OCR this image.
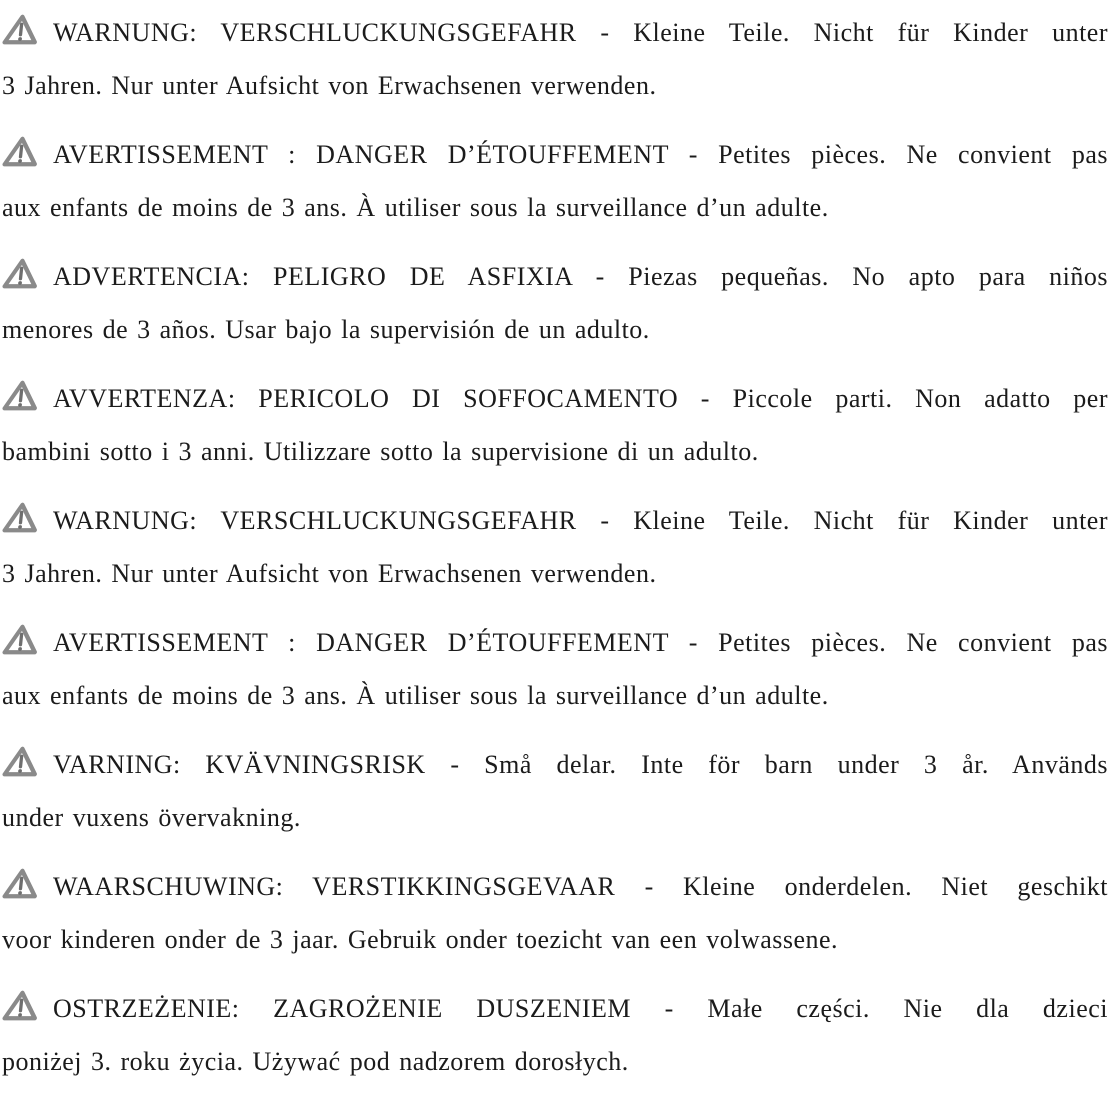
WARNUNG: VERSCHLUCKUNGSGEFAHR - Kleine Teile. Nicht für Kinder unter
3 Jahren. Nur unter Aufsicht von Erwachsenen verwenden.
AVERTISSEMENT : DANGER D’ÉTOUFFEMENT - Petites pièces. Ne convient pas
aux enfants de moins de 3 ans. À utiliser sous la surveillance d’un adulte.
ADVERTENCIA: PELIGRO DE ASFIXIA - Piezas pequeñas. No apto para niños
menores de 3 años. Usar bajo la supervisión de un adulto.
AVVERTENZA: PERICOLO DI SOFFOCAMENTO - Piccole parti. Non adatto per
bambini sotto i 3 anni. Utilizzare sotto la supervisione di un adulto.
WARNUNG: VERSCHLUCKUNGSGEFAHR - Kleine Teile. Nicht für Kinder unter
3 Jahren. Nur unter Aufsicht von Erwachsenen verwenden.
AVERTISSEMENT : DANGER D’ÉTOUFFEMENT - Petites pièces. Ne convient pas
aux enfants de moins de 3 ans. À utiliser sous la surveillance d’un adulte.
VARNING: KVÄVNINGSRISK - Små delar. Inte för barn under 3 år. Används
under vuxens övervakning.
WAARSCHUWING: VERSTIKKINGSGEVAAR - Kleine onderdelen. Niet geschikt
voor kinderen onder de 3 jaar. Gebruik onder toezicht van een volwassene.
OSTRZEŻENIE: ZAGROŻENIE DUSZENIEM - Małe części. Nie dla dzieci
poniżej 3. roku życia. Używać pod nadzorem dorosłych.
